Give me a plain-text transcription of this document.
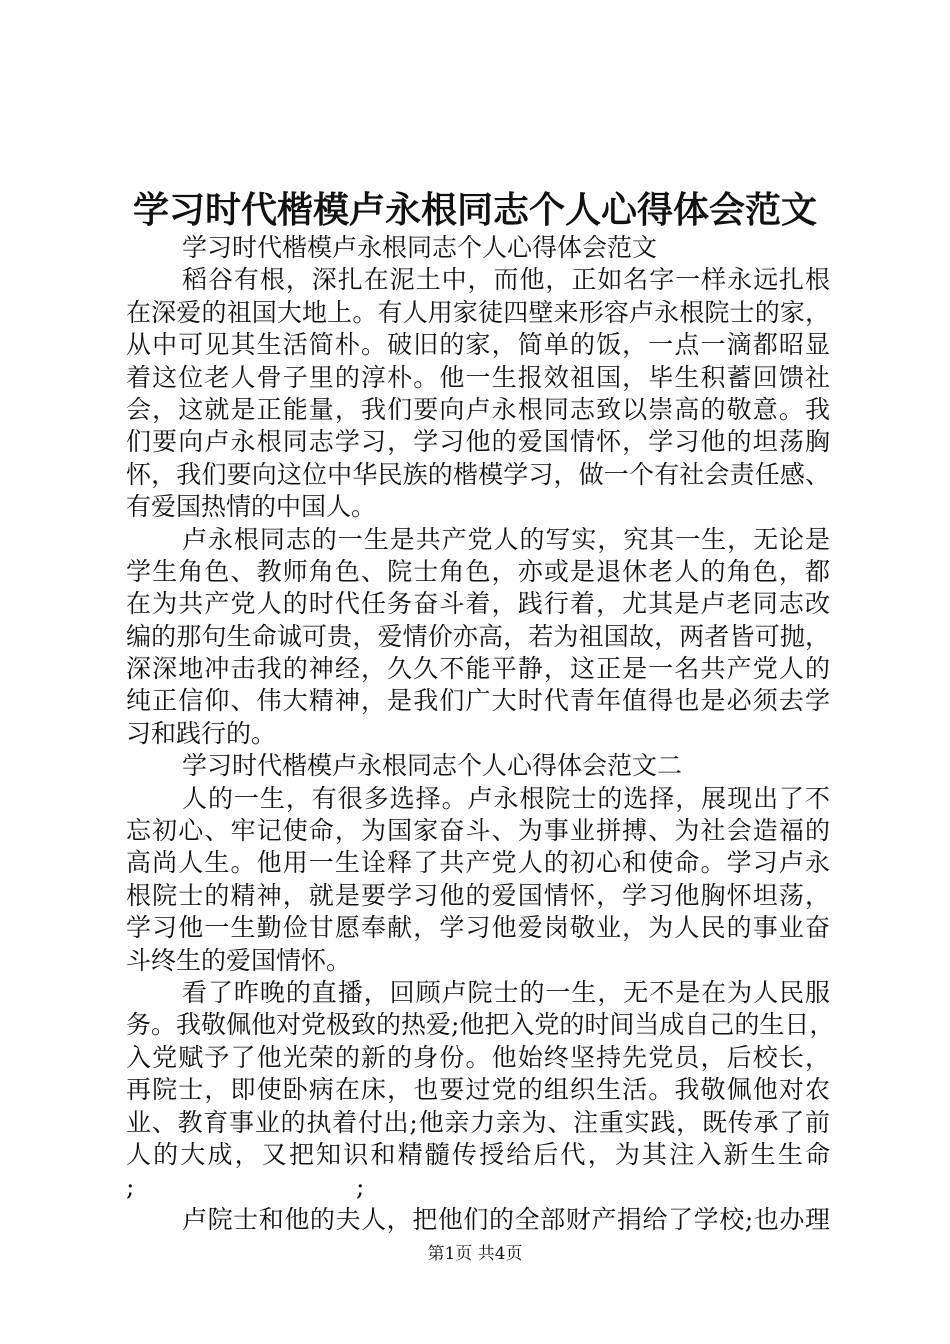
学习时代楷模卢永根同志个人心得体会范文
学习时代楷模卢永根同志个人心得体会范文
稻谷有根，深扎在泥土中，而他，正如名字一样永远扎根
在深爱的祖国大地上。有人用家徒四壁来形容卢永根院士的家，
从中可见其生活简朴。破旧的家，简单的饭，一点一滴都昭显
着这位老人骨子里的淳朴。他一生报效祖国，毕生积蓄回馈社
会，这就是正能量，我们要向卢永根同志致以崇高的敬意。我
们要向卢永根同志学习，学习他的爱国情怀，学习他的坦荡胸
怀，我们要向这位中华民族的楷模学习，做一个有社会责任感、
有爱国热情的中国人。
卢永根同志的一生是共产党人的写实，究其一生，无论是
学生角色、教师角色、院士角色，亦或是退休老人的角色，都
在为共产党人的时代任务奋斗着，践行着，尤其是卢老同志改
编的那句生命诚可贵，爱情价亦高，若为祖国故，两者皆可抛，
深深地冲击我的神经，久久不能平静，这正是一名共产党人的
纯正信仰、伟大精神，是我们广大时代青年值得也是必须去学
习和践行的。
学习时代楷模卢永根同志个人心得体会范文二
人的一生，有很多选择。卢永根院士的选择，展现出了不
忘初心、牢记使命，为国家奋斗、为事业拼搏、为社会造福的
高尚人生。他用一生诠释了共产党人的初心和使命。学习卢永
根院士的精神，就是要学习他的爱国情怀，学习他胸怀坦荡，
学习他一生勤俭甘愿奉献，学习他爱岗敬业，为人民的事业奋
斗终生的爱国情怀。
看了昨晚的直播，回顾卢院士的一生，无不是在为人民服
务。我敬佩他对党极致的热爱;他把入党的时间当成自己的生日，
入党赋予了他光荣的新的身份。他始终坚持先党员，后校长，
再院士，即使卧病在床，也要过党的组织生活。我敬佩他对农
业、教育事业的执着付出;他亲力亲为、注重实践，既传承了前
人的大成，又把知识和精髓传授给后代，为其注入新生生命
;	;
卢院士和他的夫人，把他们的全部财产捐给了学校;也办理
第1页 共4页
